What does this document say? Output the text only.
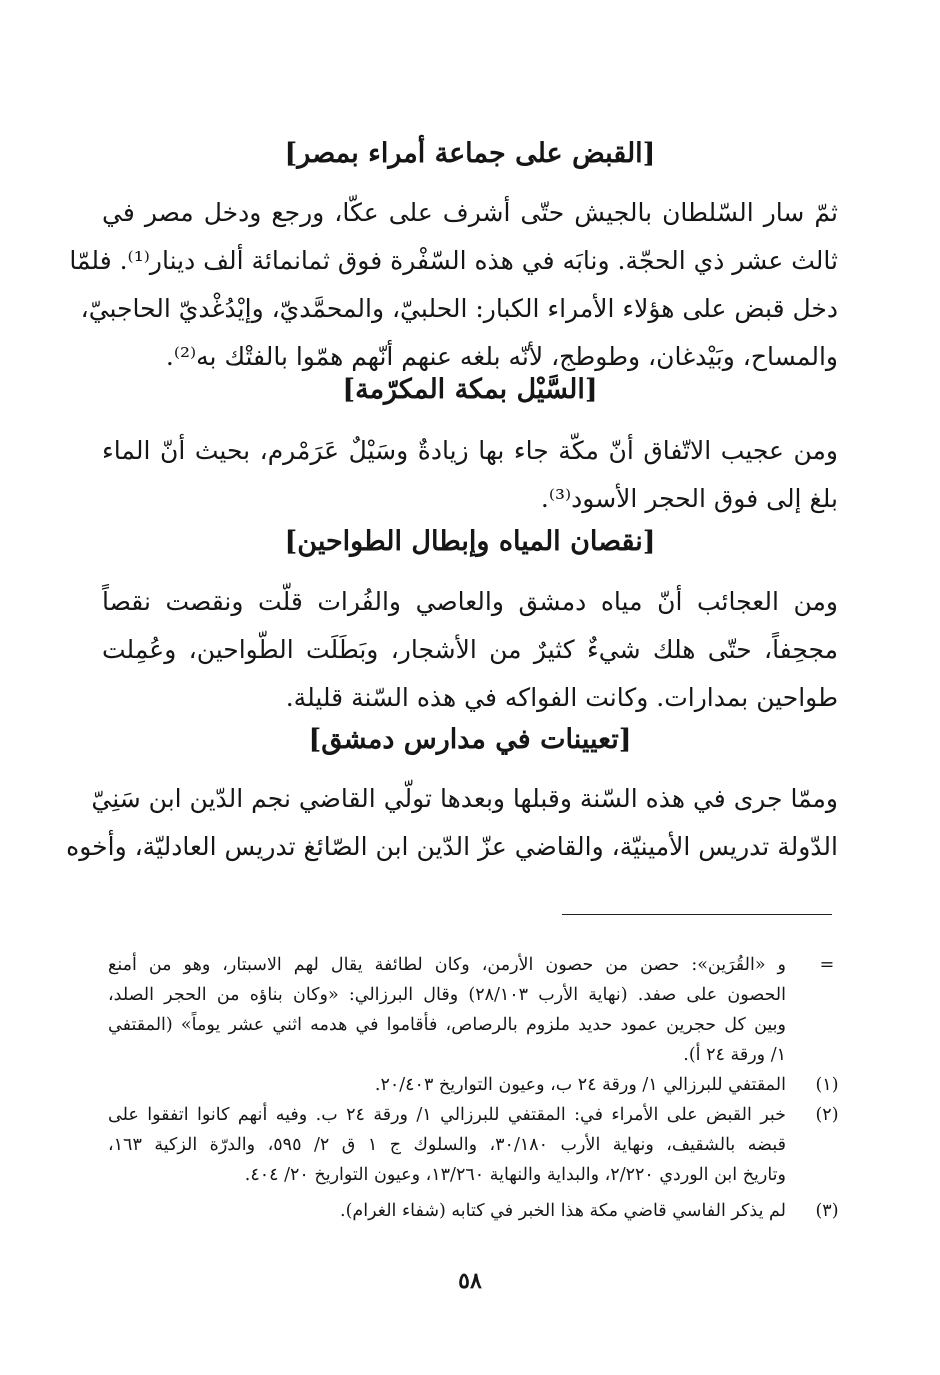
[القبض على جماعة أمراء بمصر]
ثمّ سار السّلطان بالجيش حتّى أشرف على عكّا، ورجع ودخل مصر في
ثالث عشر ذي الحجّة. ونابَه في هذه السّفْرة فوق ثمانمائة ألف دينار⁽¹⁾. فلمّا
دخل قبض على هؤلاء الأمراء الكبار: الحلبيّ، والمحمَّديّ، وإيْدُغْديّ الحاجبيّ،
والمساح، وبَيْدغان، وطوطج، لأنّه بلغه عنهم أنّهم همّوا بالفتْك به⁽²⁾.
[السَّيْل بمكة المكرّمة]
ومن عجيب الاتّفاق أنّ مكّة جاء بها زيادةٌ وسَيْلٌ عَرَمْرم، بحيث أنّ الماء
بلغ إلى فوق الحجر الأسود⁽³⁾.
[نقصان المياه وإبطال الطواحين]
ومن العجائب أنّ مياه دمشق والعاصي والفُرات قلّت ونقصت نقصاً
مجحِفاً، حتّى هلك شيءٌ كثيرٌ من الأشجار، وبَطَلَت الطّواحين، وعُمِلت
طواحين بمدارات. وكانت الفواكه في هذه السّنة قليلة.
[تعيينات في مدارس دمشق]
وممّا جرى في هذه السّنة وقبلها وبعدها تولّي القاضي نجم الدّين ابن سَنِيّ
الدّولة تدريس الأمينيّة، والقاضي عزّ الدّين ابن الصّائغ تدريس العادليّة، وأخوه
=
و «القُرَين»: حصن من حصون الأرمن، وكان لطائفة يقال لهم الاسبتار، وهو من أمنع
الحصون على صفد. (نهاية الأرب ٢٨/١٠٣) وقال البرزالي: «وكان بناؤه من الحجر الصلد،
وبين كل حجرين عمود حديد ملزوم بالرصاص، فأقاموا في هدمه اثني عشر يوماً» (المقتفي
١/ ورقة ٢٤ أ).
(١)
المقتفي للبرزالي ١/ ورقة ٢٤ ب، وعيون التواريخ ٢٠/٤٠٣.
(٢)
خبر القبض على الأمراء في: المقتفي للبرزالي ١/ ورقة ٢٤ ب. وفيه أنهم كانوا اتفقوا على
قبضه بالشقيف، ونهاية الأرب ٣٠/١٨٠، والسلوك ج ١ ق ٢/ ٥٩٥، والدرّة الزكية ١٦٣،
وتاريخ ابن الوردي ٢/٢٢٠، والبداية والنهاية ١٣/٢٦٠، وعيون التواريخ ٢٠/ ٤٠٤.
(٣)
لم يذكر الفاسي قاضي مكة هذا الخبر في كتابه (شفاء الغرام).
٥٨
